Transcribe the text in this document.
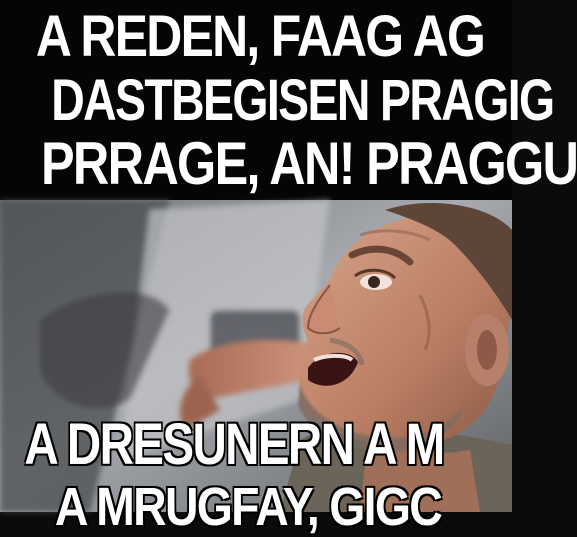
A REDEN, FAAG AG
DASTBEGISEN PRAGIG
PRRAGE, AN! PRAGGU
A DRESUNERN A M
A MRUGFAY, GIGC
